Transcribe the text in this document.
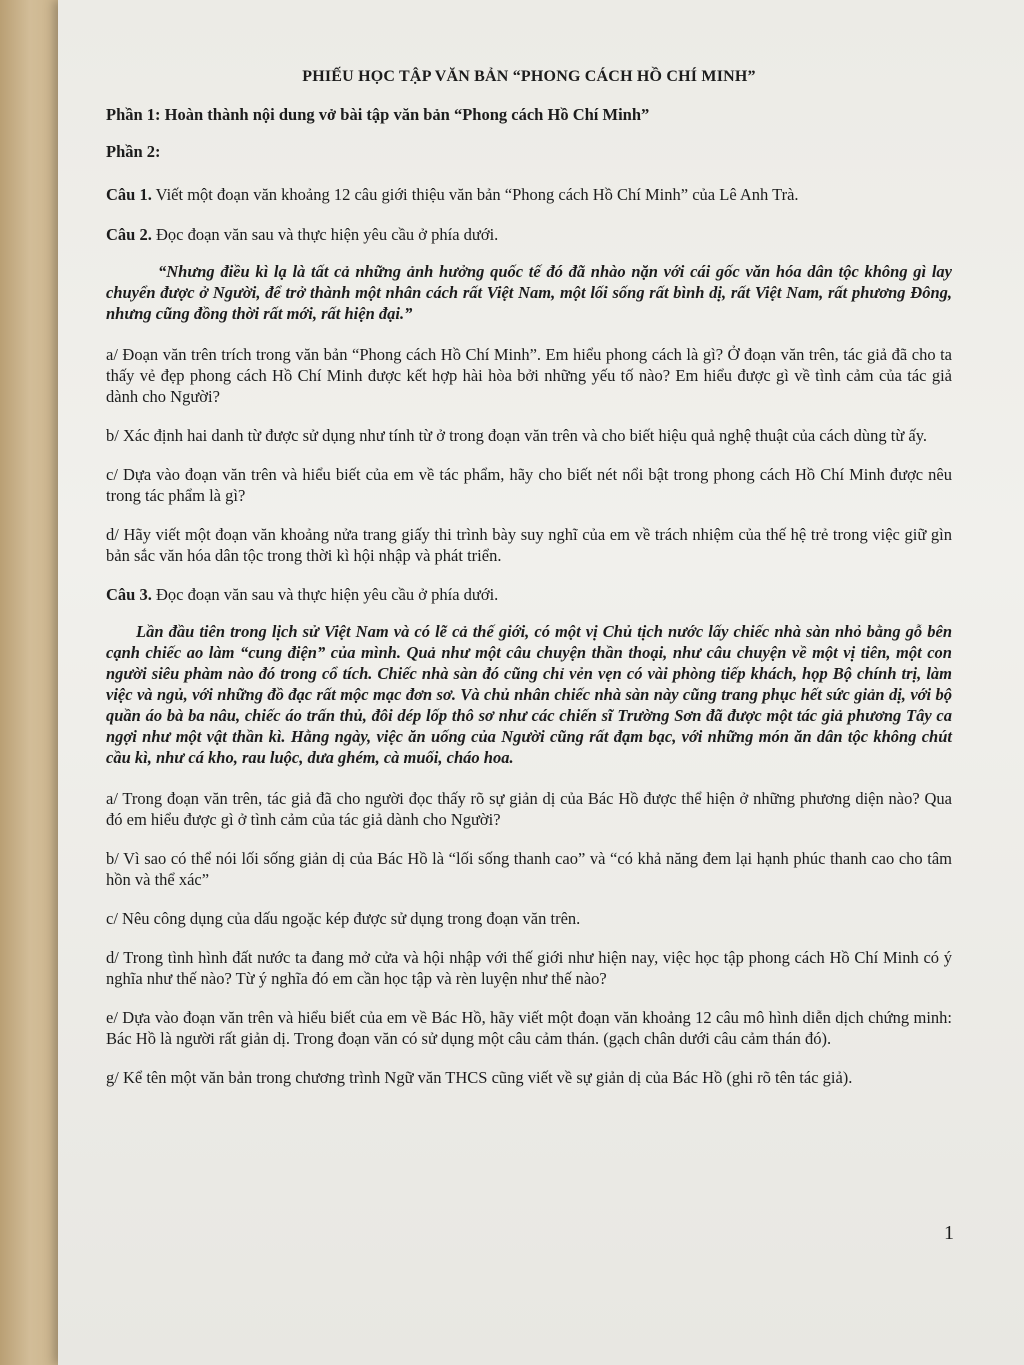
PHIẾU HỌC TẬP VĂN BẢN “PHONG CÁCH HỒ CHÍ MINH”

Phần 1: Hoàn thành nội dung vở bài tập văn bản “Phong cách Hồ Chí Minh”

Phần 2:

Câu 1. Viết một đoạn văn khoảng 12 câu giới thiệu văn bản “Phong cách Hồ Chí Minh” của Lê Anh Trà.

Câu 2. Đọc đoạn văn sau và thực hiện yêu cầu ở phía dưới.

“Nhưng điều kì lạ là tất cả những ảnh hưởng quốc tế đó đã nhào nặn với cái gốc văn hóa dân tộc không gì lay chuyển được ở Người, để trở thành một nhân cách rất Việt Nam, một lối sống rất bình dị, rất Việt Nam, rất phương Đông, nhưng cũng đồng thời rất mới, rất hiện đại.”

a/ Đoạn văn trên trích trong văn bản “Phong cách Hồ Chí Minh”. Em hiểu phong cách là gì? Ở đoạn văn trên, tác giả đã cho ta thấy vẻ đẹp phong cách Hồ Chí Minh được kết hợp hài hòa bởi những yếu tố nào? Em hiểu được gì về tình cảm của tác giả dành cho Người?

b/ Xác định hai danh từ được sử dụng như tính từ ở trong đoạn văn trên và cho biết hiệu quả nghệ thuật của cách dùng từ ấy.

c/ Dựa vào đoạn văn trên và hiểu biết của em về tác phẩm, hãy cho biết nét nổi bật trong phong cách Hồ Chí Minh được nêu trong tác phẩm là gì?

d/ Hãy viết một đoạn văn khoảng nửa trang giấy thi trình bày suy nghĩ của em về trách nhiệm của thế hệ trẻ trong việc giữ gìn bản sắc văn hóa dân tộc trong thời kì hội nhập và phát triển.

Câu 3. Đọc đoạn văn sau và thực hiện yêu cầu ở phía dưới.

Lần đầu tiên trong lịch sử Việt Nam và có lẽ cả thế giới, có một vị Chủ tịch nước lấy chiếc nhà sàn nhỏ bằng gỗ bên cạnh chiếc ao làm “cung điện” của mình. Quả như một câu chuyện thần thoại, như câu chuyện về một vị tiên, một con người siêu phàm nào đó trong cổ tích. Chiếc nhà sàn đó cũng chỉ vẻn vẹn có vài phòng tiếp khách, họp Bộ chính trị, làm việc và ngủ, với những đồ đạc rất mộc mạc đơn sơ. Và chủ nhân chiếc nhà sàn này cũng trang phục hết sức giản dị, với bộ quần áo bà ba nâu, chiếc áo trấn thủ, đôi dép lốp thô sơ như các chiến sĩ Trường Sơn đã được một tác giả phương Tây ca ngợi như một vật thần kì. Hằng ngày, việc ăn uống của Người cũng rất đạm bạc, với những món ăn dân tộc không chút cầu kì, như cá kho, rau luộc, dưa ghém, cà muối, cháo hoa.

a/ Trong đoạn văn trên, tác giả đã cho người đọc thấy rõ sự giản dị của Bác Hồ được thể hiện ở những phương diện nào? Qua đó em hiểu được gì ở tình cảm của tác giả dành cho Người?

b/ Vì sao có thể nói lối sống giản dị của Bác Hồ là “lối sống thanh cao” và “có khả năng đem lại hạnh phúc thanh cao cho tâm hồn và thể xác”

c/ Nêu công dụng của dấu ngoặc kép được sử dụng trong đoạn văn trên.

d/ Trong tình hình đất nước ta đang mở cửa và hội nhập với thế giới như hiện nay, việc học tập phong cách Hồ Chí Minh có ý nghĩa như thế nào? Từ ý nghĩa đó em cần học tập và rèn luyện như thế nào?

e/ Dựa vào đoạn văn trên và hiểu biết của em về Bác Hồ, hãy viết một đoạn văn khoảng 12 câu mô hình diễn dịch chứng minh: Bác Hồ là người rất giản dị. Trong đoạn văn có sử dụng một câu cảm thán. (gạch chân dưới câu cảm thán đó).

g/ Kể tên một văn bản trong chương trình Ngữ văn THCS cũng viết về sự giản dị của Bác Hồ (ghi rõ tên tác giả).

1
